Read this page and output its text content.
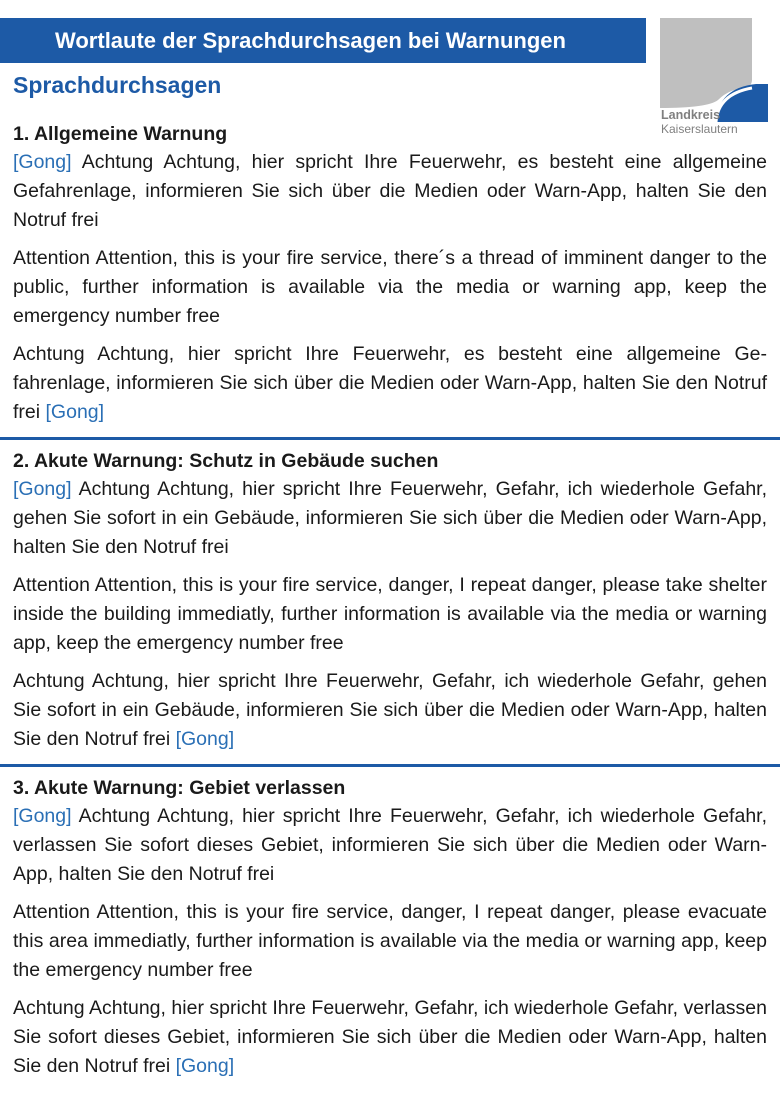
Wortlaute der Sprachdurchsagen bei Warnungen
Landkreis
Kaiserslautern
Sprachdurchsagen
1. Allgemeine Warnung

[Gong] Achtung Achtung, hier spricht Ihre Feuerwehr, es besteht eine allgemeine Gefahrenlage, informieren Sie sich über die Medien oder Warn-App, halten Sie den Notruf frei

Attention Attention, this is your fire service, there´s a thread of imminent danger to the public, further information is available via the media or warning app, keep the emergency number free

Achtung Achtung, hier spricht Ihre Feuerwehr, es besteht eine allgemeine Gefahrenlage, informieren Sie sich über die Medien oder Warn-App, halten Sie den Notruf frei [Gong]

2. Akute Warnung: Schutz in Gebäude suchen

[Gong] Achtung Achtung, hier spricht Ihre Feuerwehr, Gefahr, ich wiederhole Gefahr, gehen Sie sofort in ein Gebäude, informieren Sie sich über die Medien oder Warn-App, halten Sie den Notruf frei

Attention Attention, this is your fire service, danger, I repeat danger, please take shelter inside the building immediatly, further information is available via the media or warning app, keep the emergency number free

Achtung Achtung, hier spricht Ihre Feuerwehr, Gefahr, ich wiederhole Gefahr, gehen Sie sofort in ein Gebäude, informieren Sie sich über die Medien oder Warn-App, halten Sie den Notruf frei [Gong]

3. Akute Warnung: Gebiet verlassen

[Gong] Achtung Achtung, hier spricht Ihre Feuerwehr, Gefahr, ich wiederhole Gefahr, verlassen Sie sofort dieses Gebiet, informieren Sie sich über die Medien oder Warn-App, halten Sie den Notruf frei

Attention Attention, this is your fire service, danger, I repeat danger, please evacuate this area immediatly, further information is available via the media or warning app, keep the emergency number free

Achtung Achtung, hier spricht Ihre Feuerwehr, Gefahr, ich wiederhole Gefahr, verlassen Sie sofort dieses Gebiet, informieren Sie sich über die Medien oder Warn-App, halten Sie den Notruf frei [Gong]
